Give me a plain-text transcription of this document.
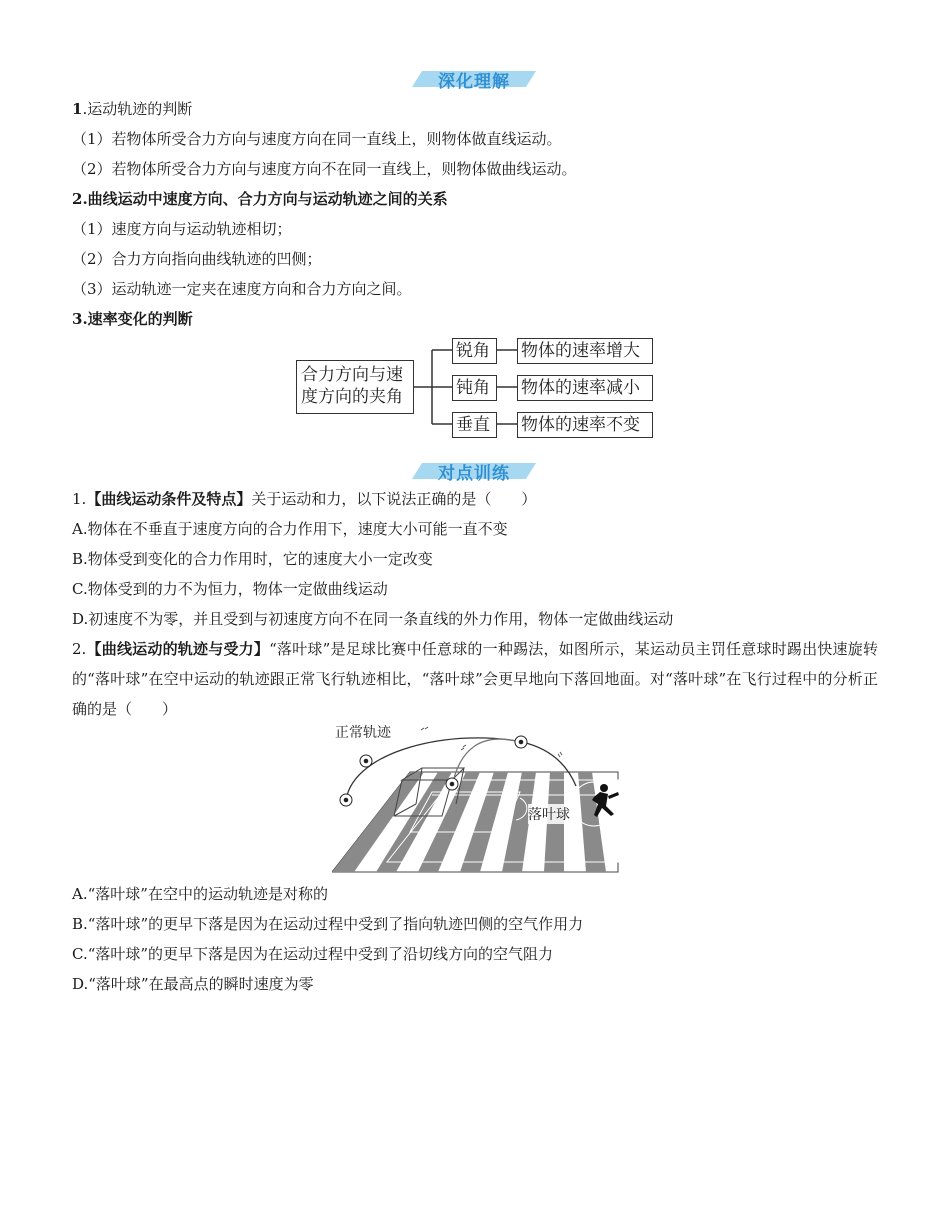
深化理解
1.运动轨迹的判断
（1）若物体所受合力方向与速度方向在同一直线上，则物体做直线运动。
（2）若物体所受合力方向与速度方向不在同一直线上，则物体做曲线运动。
2.曲线运动中速度方向、合力方向与运动轨迹之间的关系
（1）速度方向与运动轨迹相切；
（2）合力方向指向曲线轨迹的凹侧；
（3）运动轨迹一定夹在速度方向和合力方向之间。
3.速率变化的判断
合力方向与速
度方向的夹角
锐角
钝角
垂直
物体的速率增大
物体的速率减小
物体的速率不变
对点训练
1.【曲线运动条件及特点】关于运动和力，以下说法正确的是（　　）
A.物体在不垂直于速度方向的合力作用下，速度大小可能一直不变
B.物体受到变化的合力作用时，它的速度大小一定改变
C.物体受到的力不为恒力，物体一定做曲线运动
D.初速度不为零，并且受到与初速度方向不在同一条直线的外力作用，物体一定做曲线运动
2.【曲线运动的轨迹与受力】“落叶球”是足球比赛中任意球的一种踢法，如图所示，某运动员主罚任意球时踢出快速旋转的“落叶球”在空中运动的轨迹跟正常飞行轨迹相比，“落叶球”会更早地向下落回地面。对“落叶球”在飞行过程中的分析正确的是（　　）
正常轨迹
落叶球
A.“落叶球”在空中的运动轨迹是对称的
B.“落叶球”的更早下落是因为在运动过程中受到了指向轨迹凹侧的空气作用力
C.“落叶球”的更早下落是因为在运动过程中受到了沿切线方向的空气阻力
D.“落叶球”在最高点的瞬时速度为零
